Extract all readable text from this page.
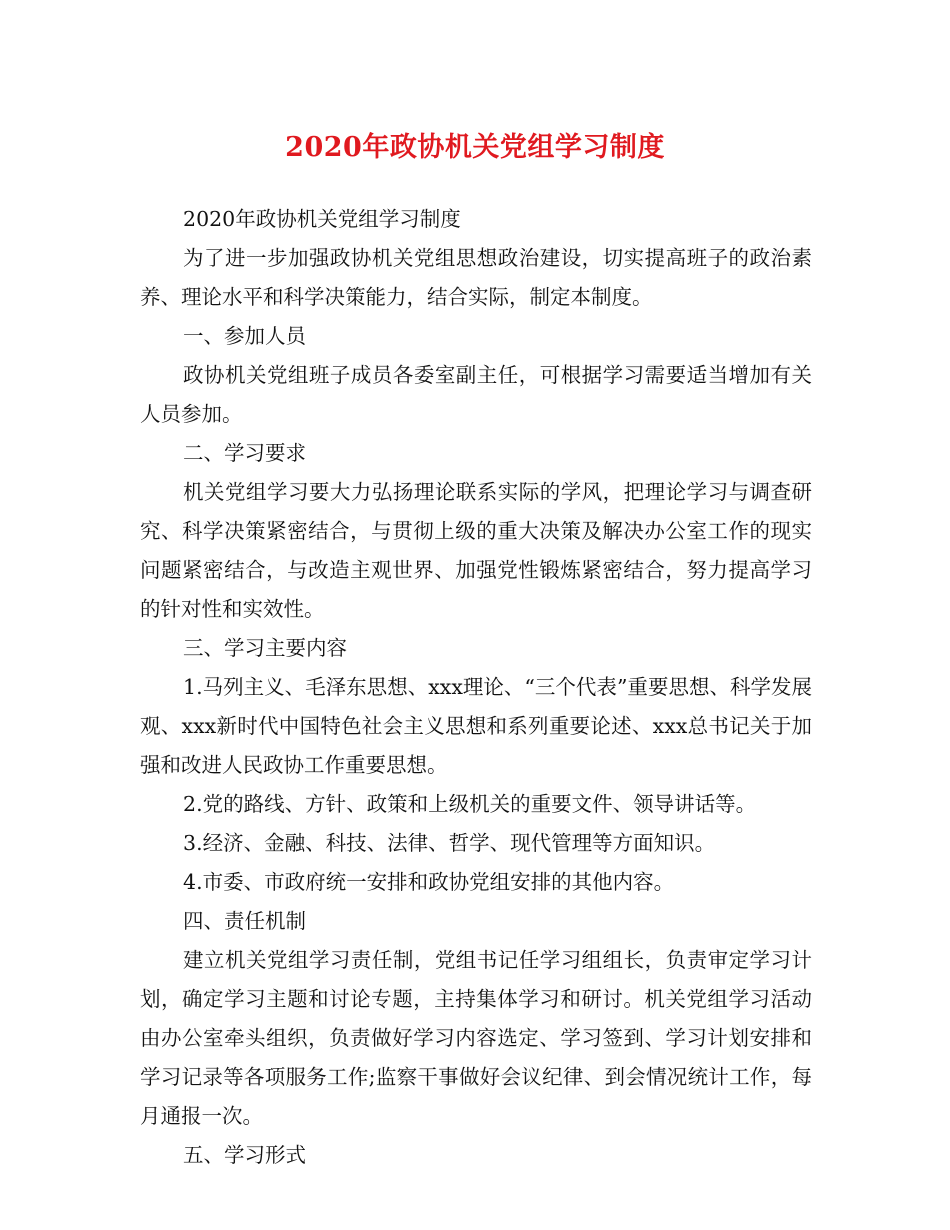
2020年政协机关党组学习制度

2020年政协机关党组学习制度

为了进一步加强政协机关党组思想政治建设，切实提高班子的政治素养、理论水平和科学决策能力，结合实际，制定本制度。

一、参加人员

政协机关党组班子成员各委室副主任，可根据学习需要适当增加有关人员参加。

二、学习要求

机关党组学习要大力弘扬理论联系实际的学风，把理论学习与调查研究、科学决策紧密结合，与贯彻上级的重大决策及解决办公室工作的现实问题紧密结合，与改造主观世界、加强党性锻炼紧密结合，努力提高学习的针对性和实效性。

三、学习主要内容

1.马列主义、毛泽东思想、xxx理论、“三个代表”重要思想、科学发展观、xxx新时代中国特色社会主义思想和系列重要论述、xxx总书记关于加强和改进人民政协工作重要思想。

2.党的路线、方针、政策和上级机关的重要文件、领导讲话等。

3.经济、金融、科技、法律、哲学、现代管理等方面知识。

4.市委、市政府统一安排和政协党组安排的其他内容。

四、责任机制

建立机关党组学习责任制，党组书记任学习组组长，负责审定学习计划，确定学习主题和讨论专题，主持集体学习和研讨。机关党组学习活动由办公室牵头组织，负责做好学习内容选定、学习签到、学习计划安排和学习记录等各项服务工作;监察干事做好会议纪律、到会情况统计工作，每月通报一次。

五、学习形式
